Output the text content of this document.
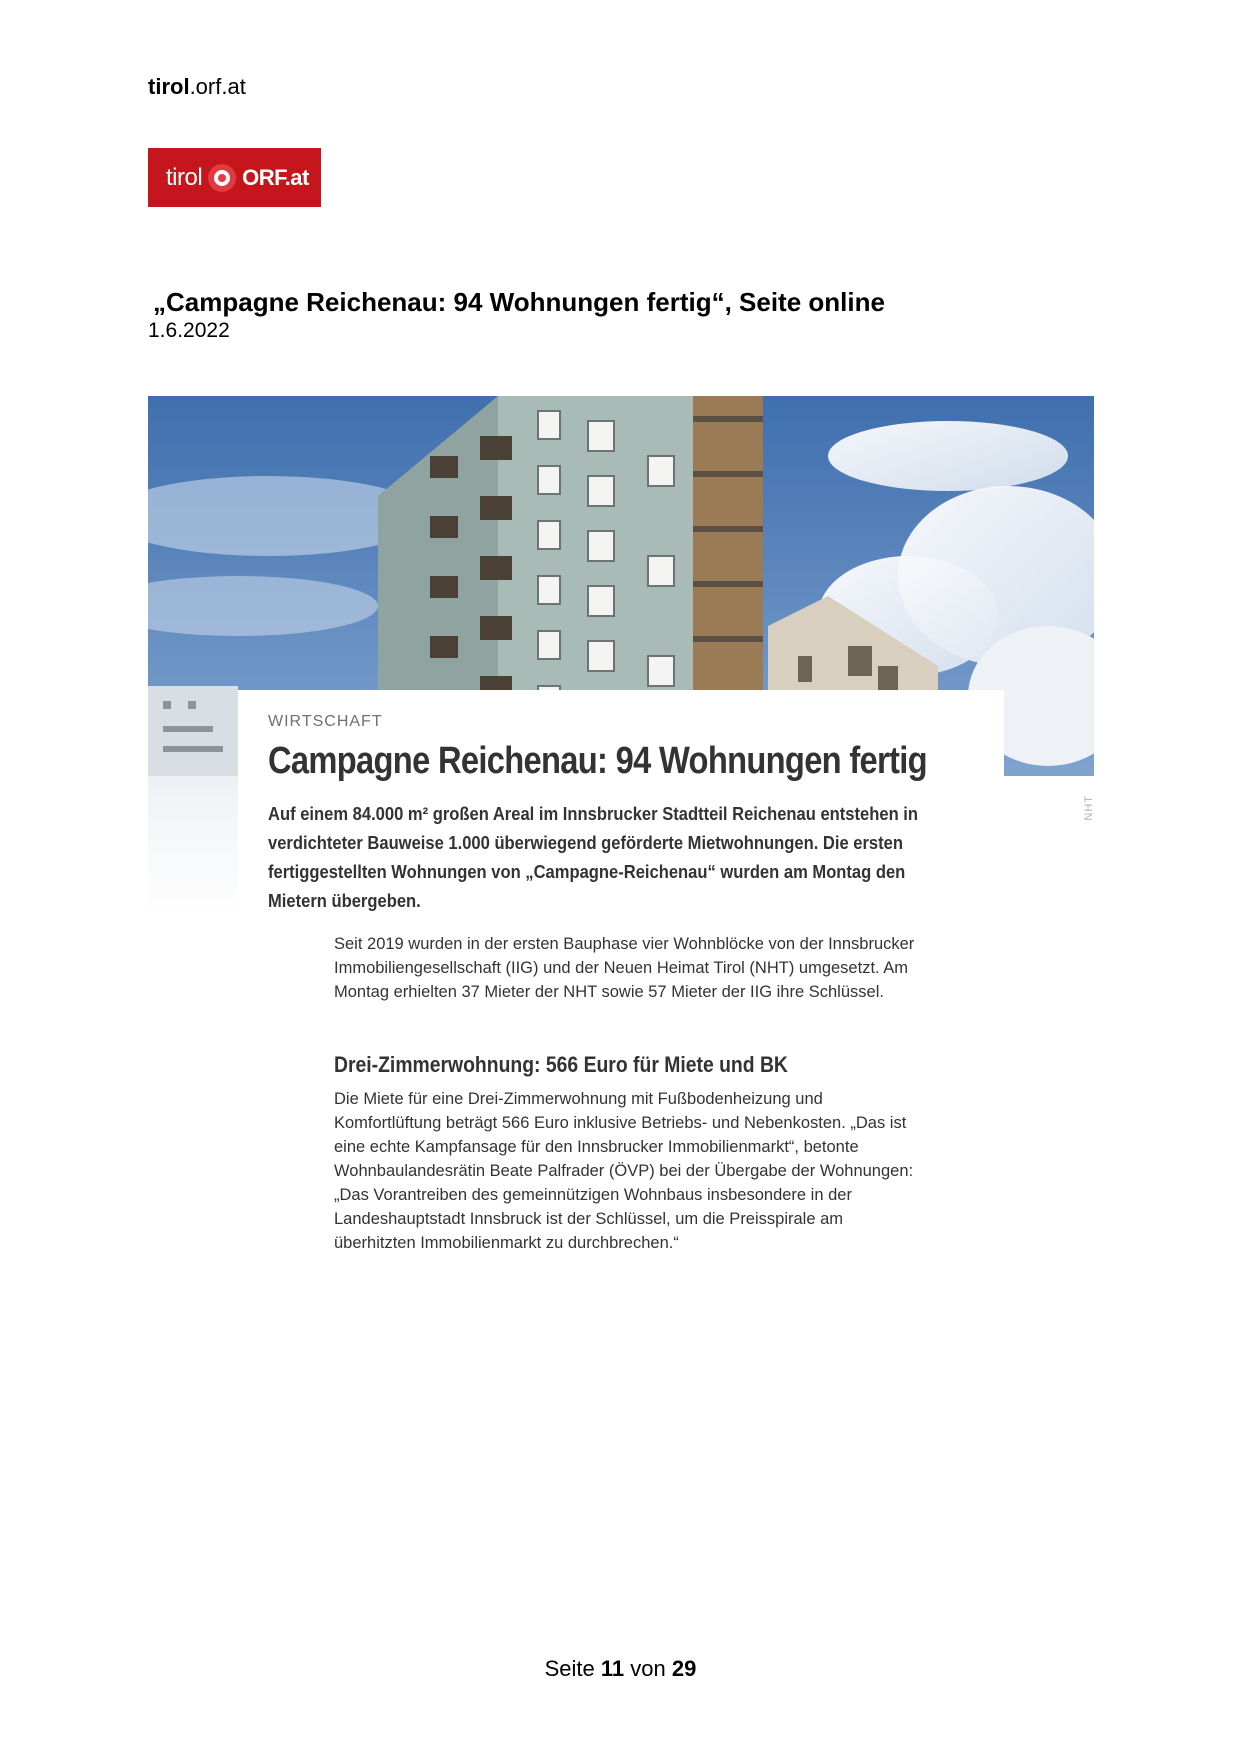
tirol.orf.at
tirol ORF.at
„Campagne Reichenau: 94 Wohnungen fertig“, Seite online
1.6.2022
NHT
WIRTSCHAFT
Campagne Reichenau: 94 Wohnungen fertig
Auf einem 84.000 m² großen Areal im Innsbrucker Stadtteil Reichenau entstehen in verdichteter Bauweise 1.000 überwiegend geförderte Mietwohnungen. Die ersten fertiggestellten Wohnungen von „Campagne-Reichenau“ wurden am Montag den Mietern übergeben.
Seit 2019 wurden in der ersten Bauphase vier Wohnblöcke von der Innsbrucker Immobiliengesellschaft (IIG) und der Neuen Heimat Tirol (NHT) umgesetzt. Am Montag erhielten 37 Mieter der NHT sowie 57 Mieter der IIG ihre Schlüssel.
Drei-Zimmerwohnung: 566 Euro für Miete und BK
Die Miete für eine Drei-Zimmerwohnung mit Fußbodenheizung und Komfortlüftung beträgt 566 Euro inklusive Betriebs- und Nebenkosten. „Das ist eine echte Kampfansage für den Innsbrucker Immobilienmarkt“, betonte Wohnbaulandesrätin Beate Palfrader (ÖVP) bei der Übergabe der Wohnungen: „Das Vorantreiben des gemeinnützigen Wohnbaus insbesondere in der Landeshauptstadt Innsbruck ist der Schlüssel, um die Preisspirale am überhitzten Immobilienmarkt zu durchbrechen.“
Seite 11 von 29
